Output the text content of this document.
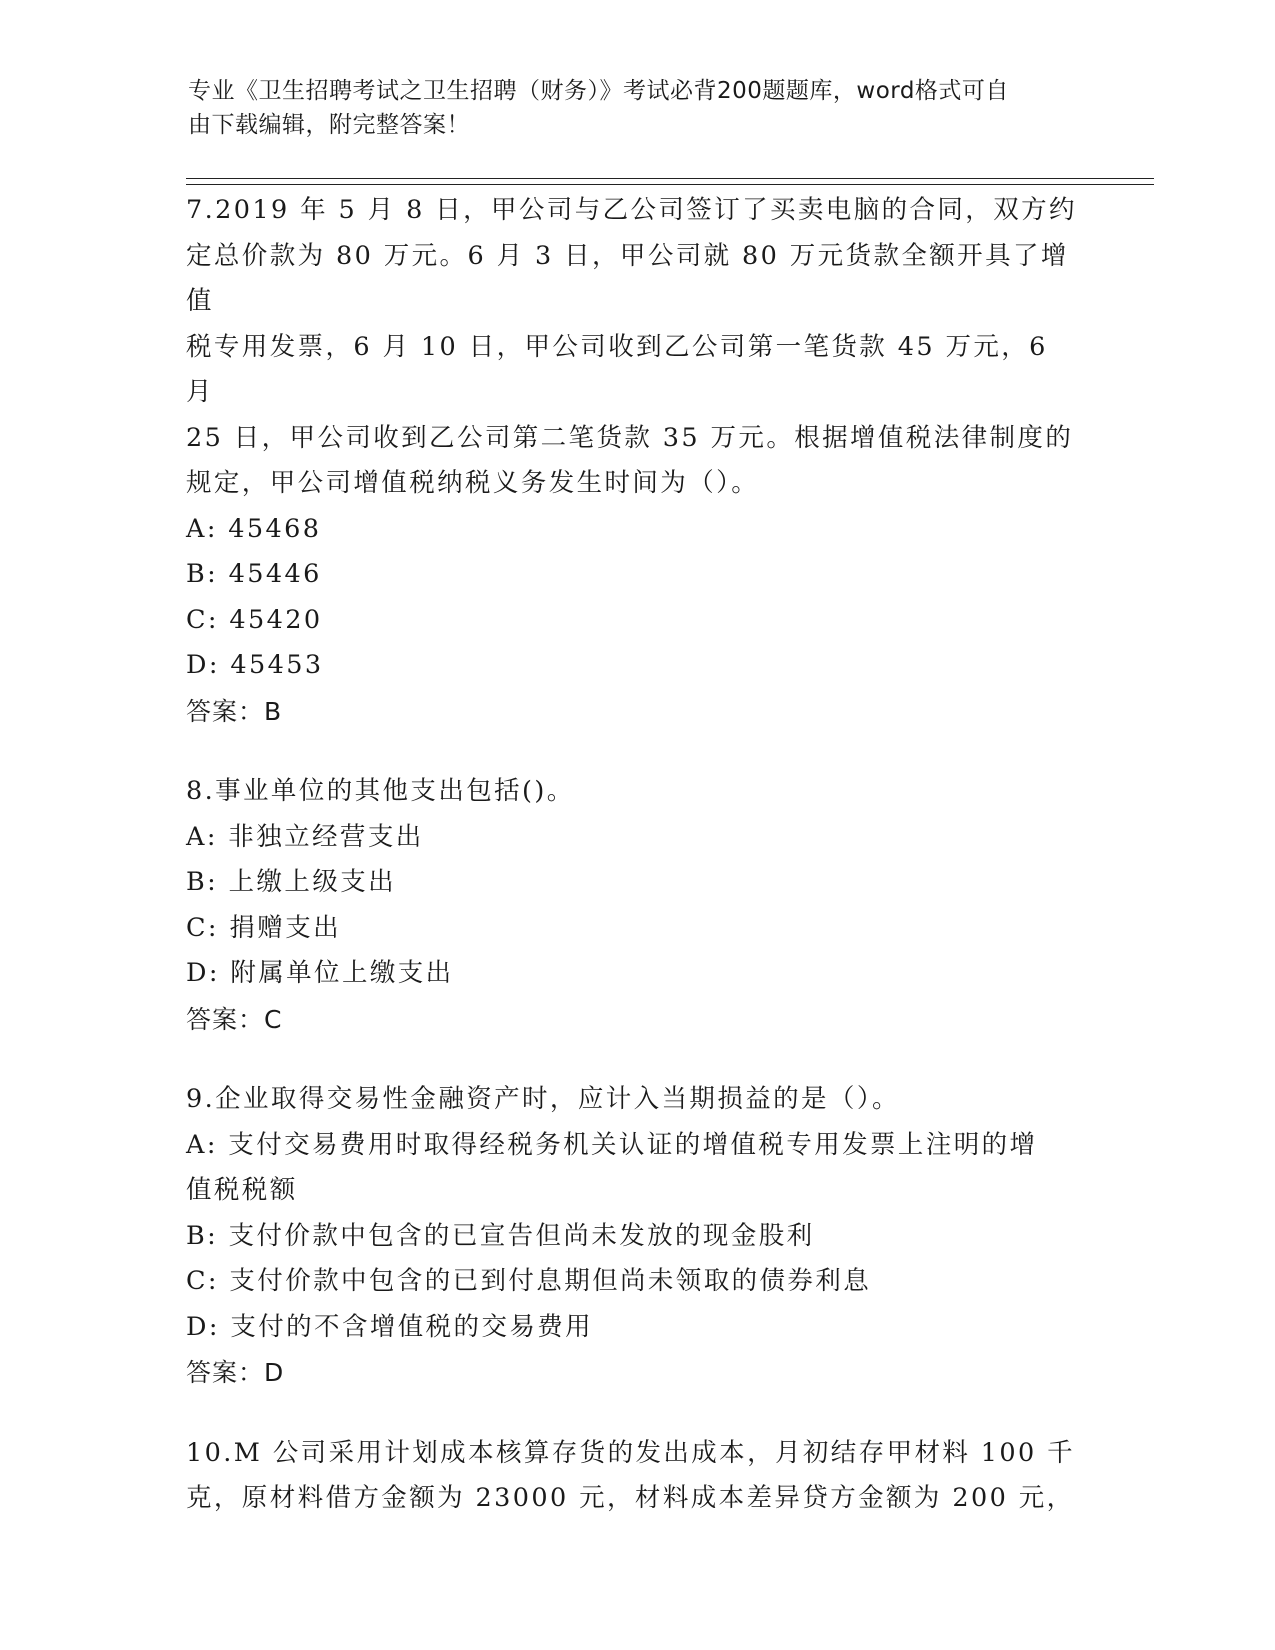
专业《卫生招聘考试之卫生招聘（财务）》考试必背200题题库，word格式可自
由下载编辑，附完整答案！
7.2019 年 5 月 8 日，甲公司与乙公司签订了买卖电脑的合同，双方约
定总价款为 80 万元。6 月 3 日，甲公司就 80 万元货款全额开具了增值
税专用发票，6 月 10 日，甲公司收到乙公司第一笔货款 45 万元，6 月
25 日，甲公司收到乙公司第二笔货款 35 万元。根据增值税法律制度的
规定，甲公司增值税纳税义务发生时间为（）。
A: 45468
B: 45446
C: 45420
D: 45453
答案：B
8.事业单位的其他支出包括()。
A: 非独立经营支出
B: 上缴上级支出
C: 捐赠支出
D: 附属单位上缴支出
答案：C
9.企业取得交易性金融资产时，应计入当期损益的是（）。
A: 支付交易费用时取得经税务机关认证的增值税专用发票上注明的增
值税税额
B: 支付价款中包含的已宣告但尚未发放的现金股利
C: 支付价款中包含的已到付息期但尚未领取的债券利息
D: 支付的不含增值税的交易费用
答案：D
10.M 公司采用计划成本核算存货的发出成本，月初结存甲材料 100 千
克，原材料借方金额为 23000 元，材料成本差异贷方金额为 200 元，
